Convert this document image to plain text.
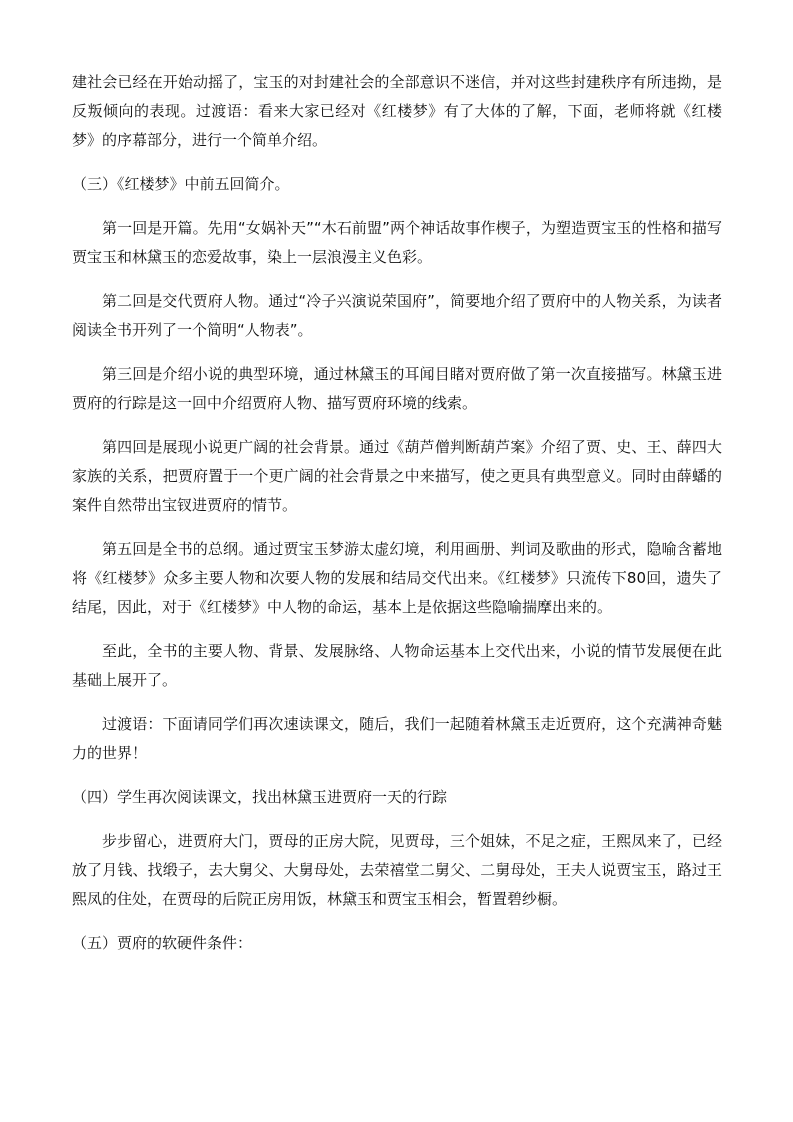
建社会已经在开始动摇了，宝玉的对封建社会的全部意识不迷信，并对这些封建秩序有所违拗，是反叛倾向的表现。过渡语：看来大家已经对《红楼梦》有了大体的了解，下面，老师将就《红楼梦》的序幕部分，进行一个简单介绍。

（三）《红楼梦》中前五回简介。

第一回是开篇。先用“女娲补天”“木石前盟”两个神话故事作楔子，为塑造贾宝玉的性格和描写贾宝玉和林黛玉的恋爱故事，染上一层浪漫主义色彩。

第二回是交代贾府人物。通过“冷子兴演说荣国府”，简要地介绍了贾府中的人物关系，为读者阅读全书开列了一个简明“人物表”。

第三回是介绍小说的典型环境，通过林黛玉的耳闻目睹对贾府做了第一次直接描写。林黛玉进贾府的行踪是这一回中介绍贾府人物、描写贾府环境的线索。

第四回是展现小说更广阔的社会背景。通过《葫芦僧判断葫芦案》介绍了贾、史、王、薛四大家族的关系，把贾府置于一个更广阔的社会背景之中来描写，使之更具有典型意义。同时由薛蟠的案件自然带出宝钗进贾府的情节。

第五回是全书的总纲。通过贾宝玉梦游太虚幻境，利用画册、判词及歌曲的形式，隐喻含蓄地将《红楼梦》众多主要人物和次要人物的发展和结局交代出来。《红楼梦》只流传下80回，遗失了结尾，因此，对于《红楼梦》中人物的命运，基本上是依据这些隐喻揣摩出来的。

至此，全书的主要人物、背景、发展脉络、人物命运基本上交代出来，小说的情节发展便在此基础上展开了。

过渡语：下面请同学们再次速读课文，随后，我们一起随着林黛玉走近贾府，这个充满神奇魅力的世界！

（四）学生再次阅读课文，找出林黛玉进贾府一天的行踪

步步留心，进贾府大门，贾母的正房大院，见贾母，三个姐妹，不足之症，王熙凤来了，已经放了月钱、找缎子，去大舅父、大舅母处，去荣禧堂二舅父、二舅母处，王夫人说贾宝玉，路过王熙凤的住处，在贾母的后院正房用饭，林黛玉和贾宝玉相会，暂置碧纱橱。

（五）贾府的软硬件条件：
